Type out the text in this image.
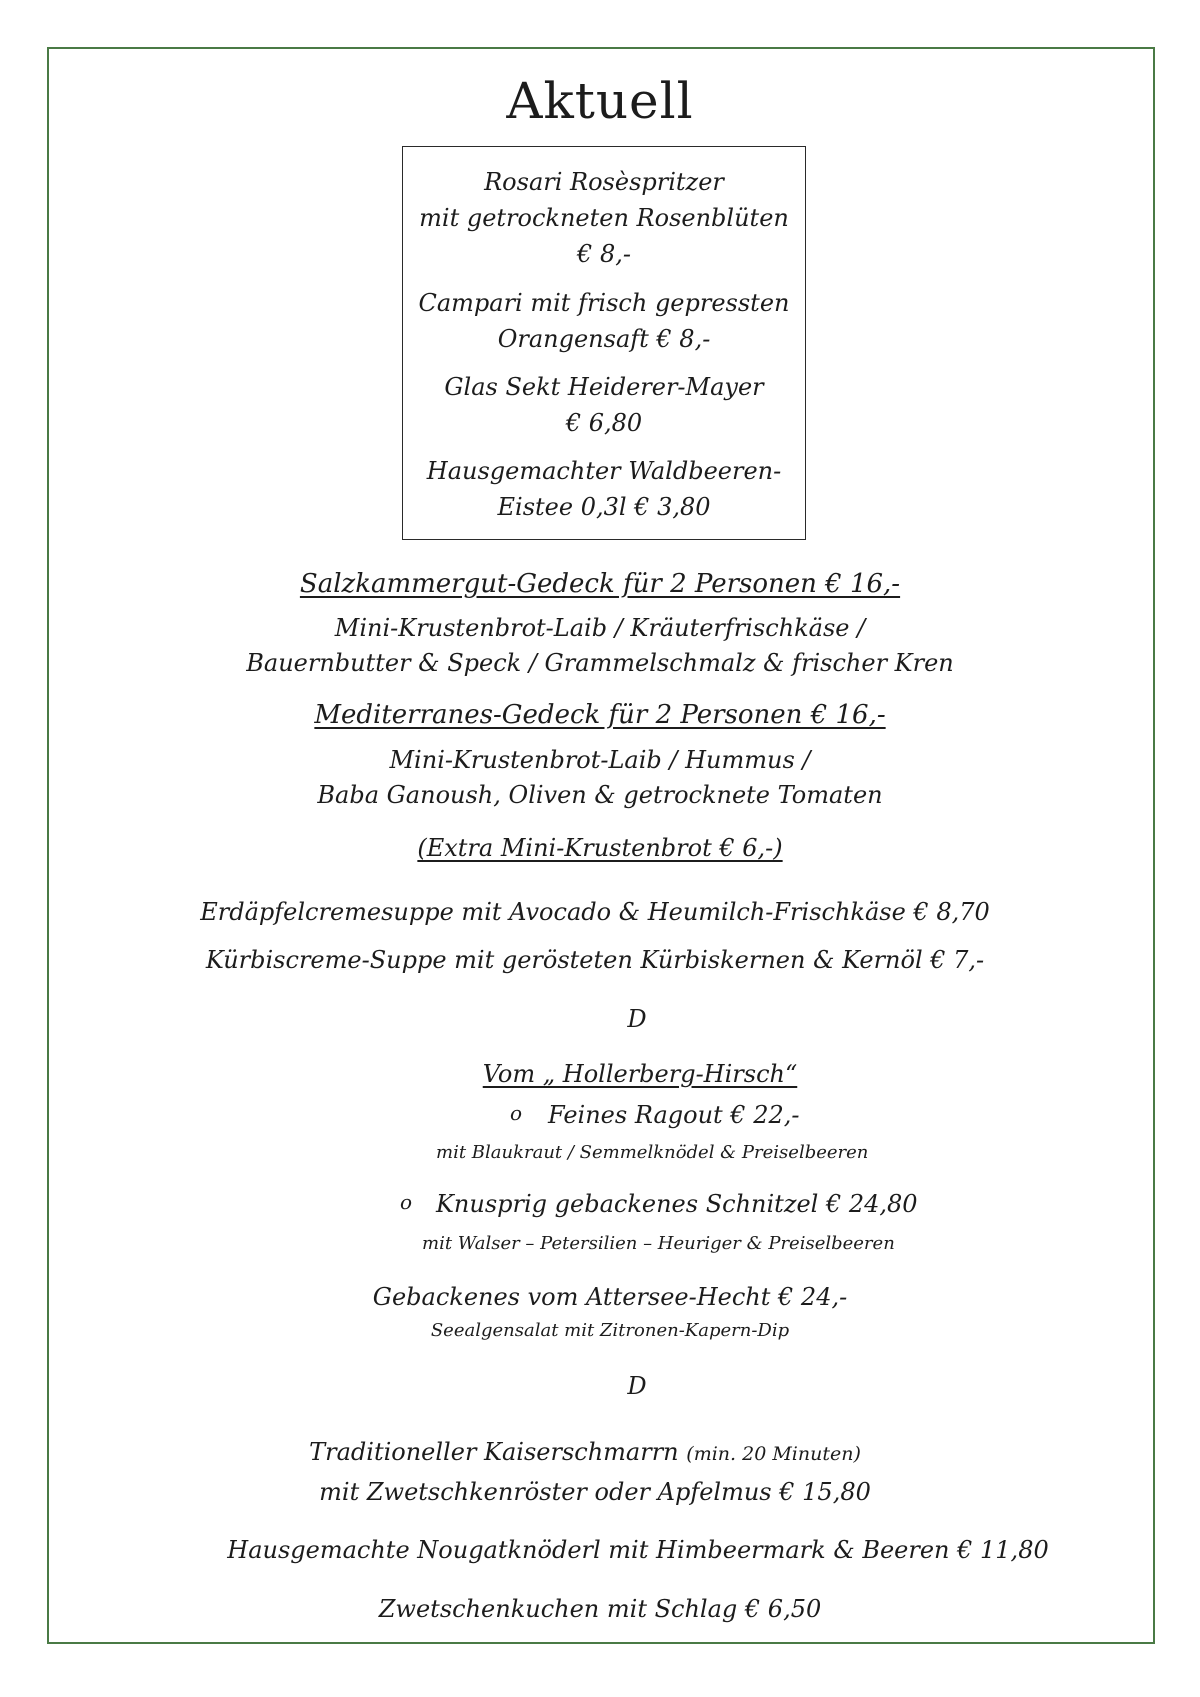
Aktuell
Rosari Rosèspritzer
mit getrockneten Rosenblüten
€ 8,-
Campari mit frisch gepressten
Orangensaft € 8,-
Glas Sekt Heiderer-Mayer
€ 6,80
Hausgemachter Waldbeeren-
Eistee 0,3l € 3,80
Salzkammergut-Gedeck für 2 Personen € 16,-
Mini-Krustenbrot-Laib / Kräuterfrischkäse /
Bauernbutter & Speck / Grammelschmalz & frischer Kren
Mediterranes-Gedeck für 2 Personen € 16,-
Mini-Krustenbrot-Laib / Hummus /
Baba Ganoush, Oliven & getrocknete Tomaten
(Extra Mini-Krustenbrot € 6,-)
Erdäpfelcremesuppe mit Avocado & Heumilch-Frischkäse € 8,70
Kürbiscreme-Suppe mit gerösteten Kürbiskernen & Kernöl € 7,-
D
Vom „ Hollerberg-Hirsch“
o Feines Ragout € 22,-
mit Blaukraut / Semmelknödel & Preiselbeeren
o Knusprig gebackenes Schnitzel € 24,80
mit Walser – Petersilien – Heuriger & Preiselbeeren
Gebackenes vom Attersee-Hecht € 24,-
Seealgensalat mit Zitronen-Kapern-Dip
D
Traditioneller Kaiserschmarrn (min. 20 Minuten)
mit Zwetschkenröster oder Apfelmus € 15,80
Hausgemachte Nougatknöderl mit Himbeermark & Beeren € 11,80
Zwetschenkuchen mit Schlag € 6,50
